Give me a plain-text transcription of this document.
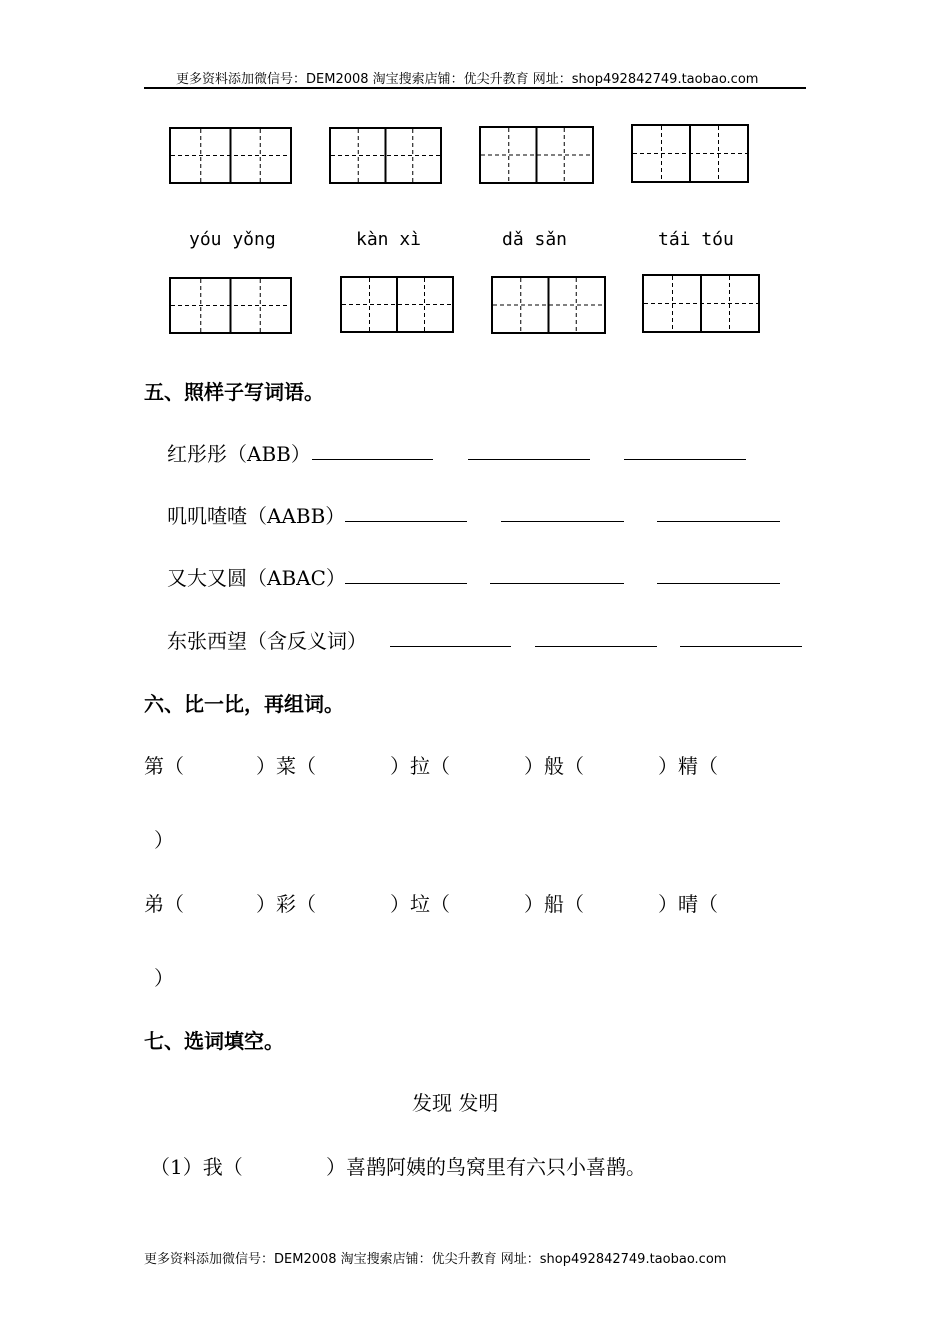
更多资料添加微信号：DEM2008 淘宝搜索店铺：优尖升教育 网址：shop492842749.taobao.com
yóu yǒng	kàn xì	dǎ sǎn	tái tóu
五、照样子写词语。
红彤彤（ABB）
叽叽喳喳（AABB）
又大又圆（ABAC）
东张西望（含反义词）
六、比一比，再组词。
第（	）菜（	）拉（	）般（	）精（
）
弟（	）彩（	）垃（	）船（	）晴（
）
七、选词填空。
发现 发明
（1）我（	）喜鹊阿姨的鸟窝里有六只小喜鹊。
更多资料添加微信号：DEM2008 淘宝搜索店铺：优尖升教育 网址：shop492842749.taobao.com
